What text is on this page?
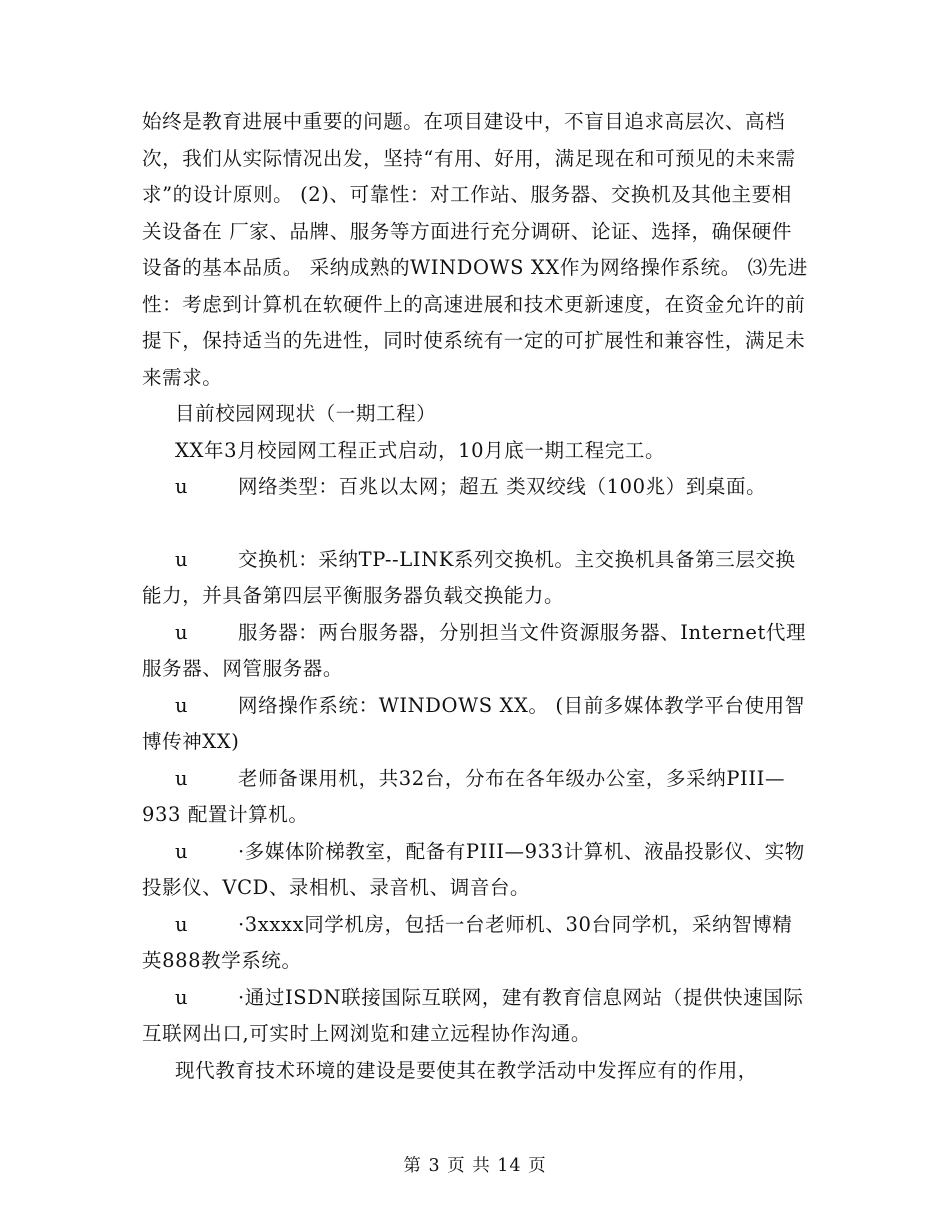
始终是教育进展中重要的问题。在项目建设中，不盲目追求高层次、高档次，我们从实际情况出发，坚持“有用、好用，满足现在和可预见的未来需求”的设计原则。 (2)、可靠性：对工作站、服务器、交换机及其他主要相关设备在 厂家、品牌、服务等方面进行充分调研、论证、选择，确保硬件设备的基本品质。 采纳成熟的WINDOWS XX作为网络操作系统。 ⑶先进性：考虑到计算机在软硬件上的高速进展和技术更新速度，在资金允许的前提下，保持适当的先进性，同时使系统有一定的可扩展性和兼容性，满足未来需求。

目前校园网现状（一期工程）

XX年3月校园网工程正式启动，10月底一期工程完工。

u	网络类型：百兆以太网；超五 类双绞线（100兆）到桌面。

u	交换机：采纳TP--LINK系列交换机。主交换机具备第三层交换能力，并具备第四层平衡服务器负载交换能力。

u	服务器：两台服务器，分别担当文件资源服务器、Internet代理服务器、网管服务器。

u	网络操作系统：WINDOWS XX。 (目前多媒体教学平台使用智博传神XX)

u	老师备课用机，共32台，分布在各年级办公室，多采纳PIII—933 配置计算机。

u	·多媒体阶梯教室，配备有PIII—933计算机、液晶投影仪、实物投影仪、VCD、录相机、录音机、调音台。

u	·3xxxx同学机房，包括一台老师机、30台同学机，采纳智博精英888教学系统。

u	·通过ISDN联接国际互联网，建有教育信息网站（提供快速国际互联网出口,可实时上网浏览和建立远程协作沟通。

现代教育技术环境的建设是要使其在教学活动中发挥应有的作用，

第 3 页 共 14 页
